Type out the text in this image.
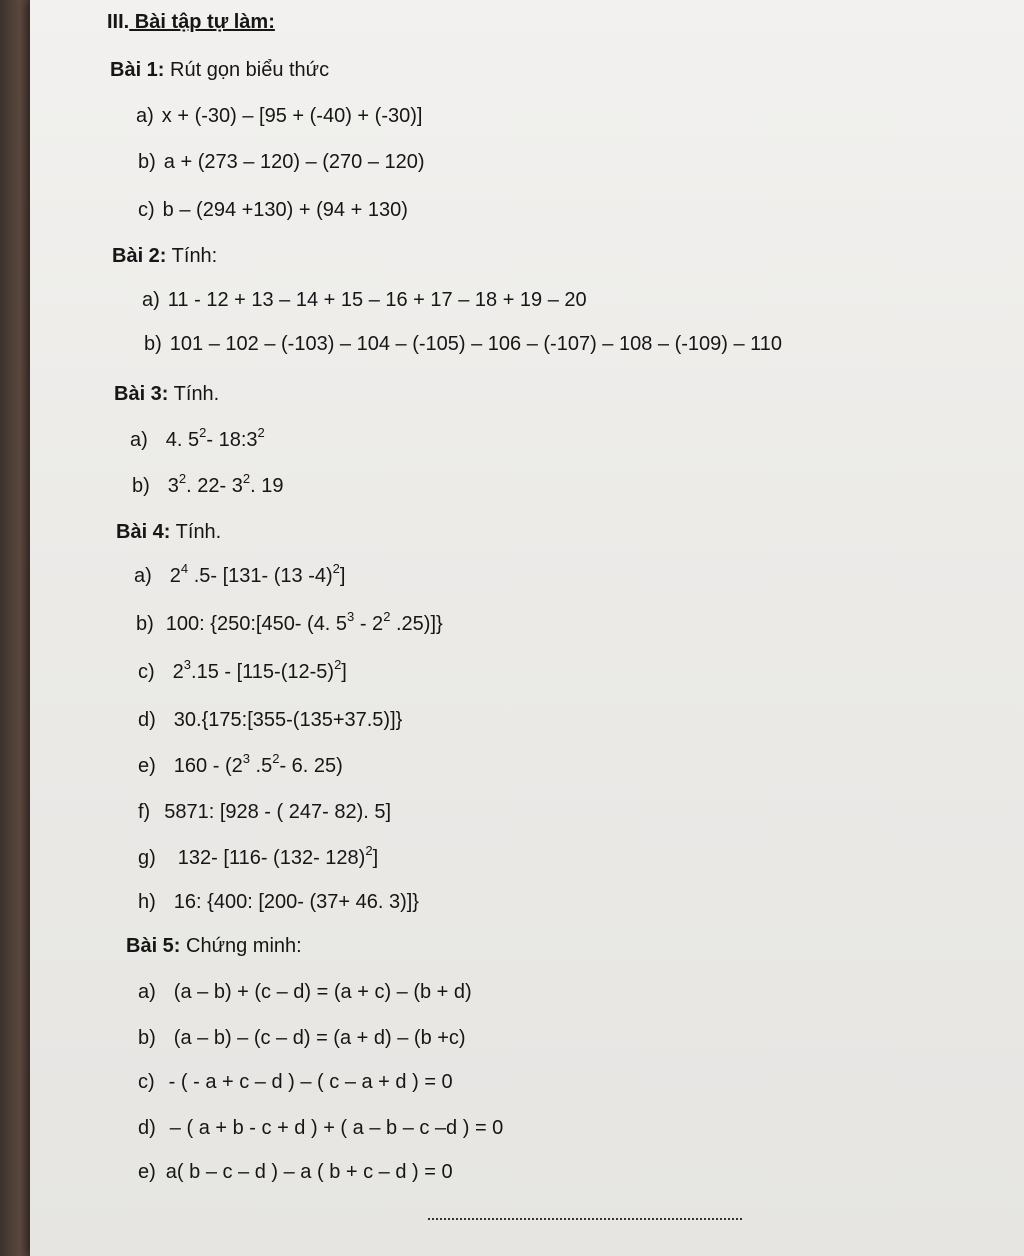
III. Bài tập tự làm:
Bài 1: Rút gọn biểu thức
a) x + (-30) – [95 + (-40) + (-30)]
b) a + (273 – 120) – (270 – 120)
c) b – (294 +130) + (94 + 130)
Bài 2: Tính:
a) 11 - 12 + 13 – 14 + 15 – 16 + 17 – 18 + 19 – 20
b) 101 – 102 – (-103) – 104 – (-105) – 106 – (-107) – 108 – (-109) – 110
Bài 3: Tính.
a) 4. $5^2-$ $18:3^2$
b) $3^2$. 22- $3^2$. 19
Bài 4: Tính.
a) $2^4$ .5- [131- (13 -4)$^2$]
b) 100: {250:[450- (4. $5^3 - 2^2$ .25)]}
c) $2^3.15 - [115-(12-5)^2]$
d) 30.{175:[355-(135+37.5)]}
e) $160 - (2^3$ $.5^2-$ 6. 25)
f) 5871: [928 - ( 247- 82). 5]
g) 132- [116- (132- 128)$^2$]
h) 16: {400: [200- (37+ 46. 3)]}
Bài 5: Chứng minh:
a) (a – b) + (c – d) = (a + c) – (b + d)
b) (a – b) – (c – d) = (a + d) – (b +c)
c) - ( - a + c – d ) – ( c – a + d ) = 0
d) – ( a + b - c + d ) + ( a – b – c –d ) = 0
e) a( b – c – d ) – a ( b + c – d ) = 0
